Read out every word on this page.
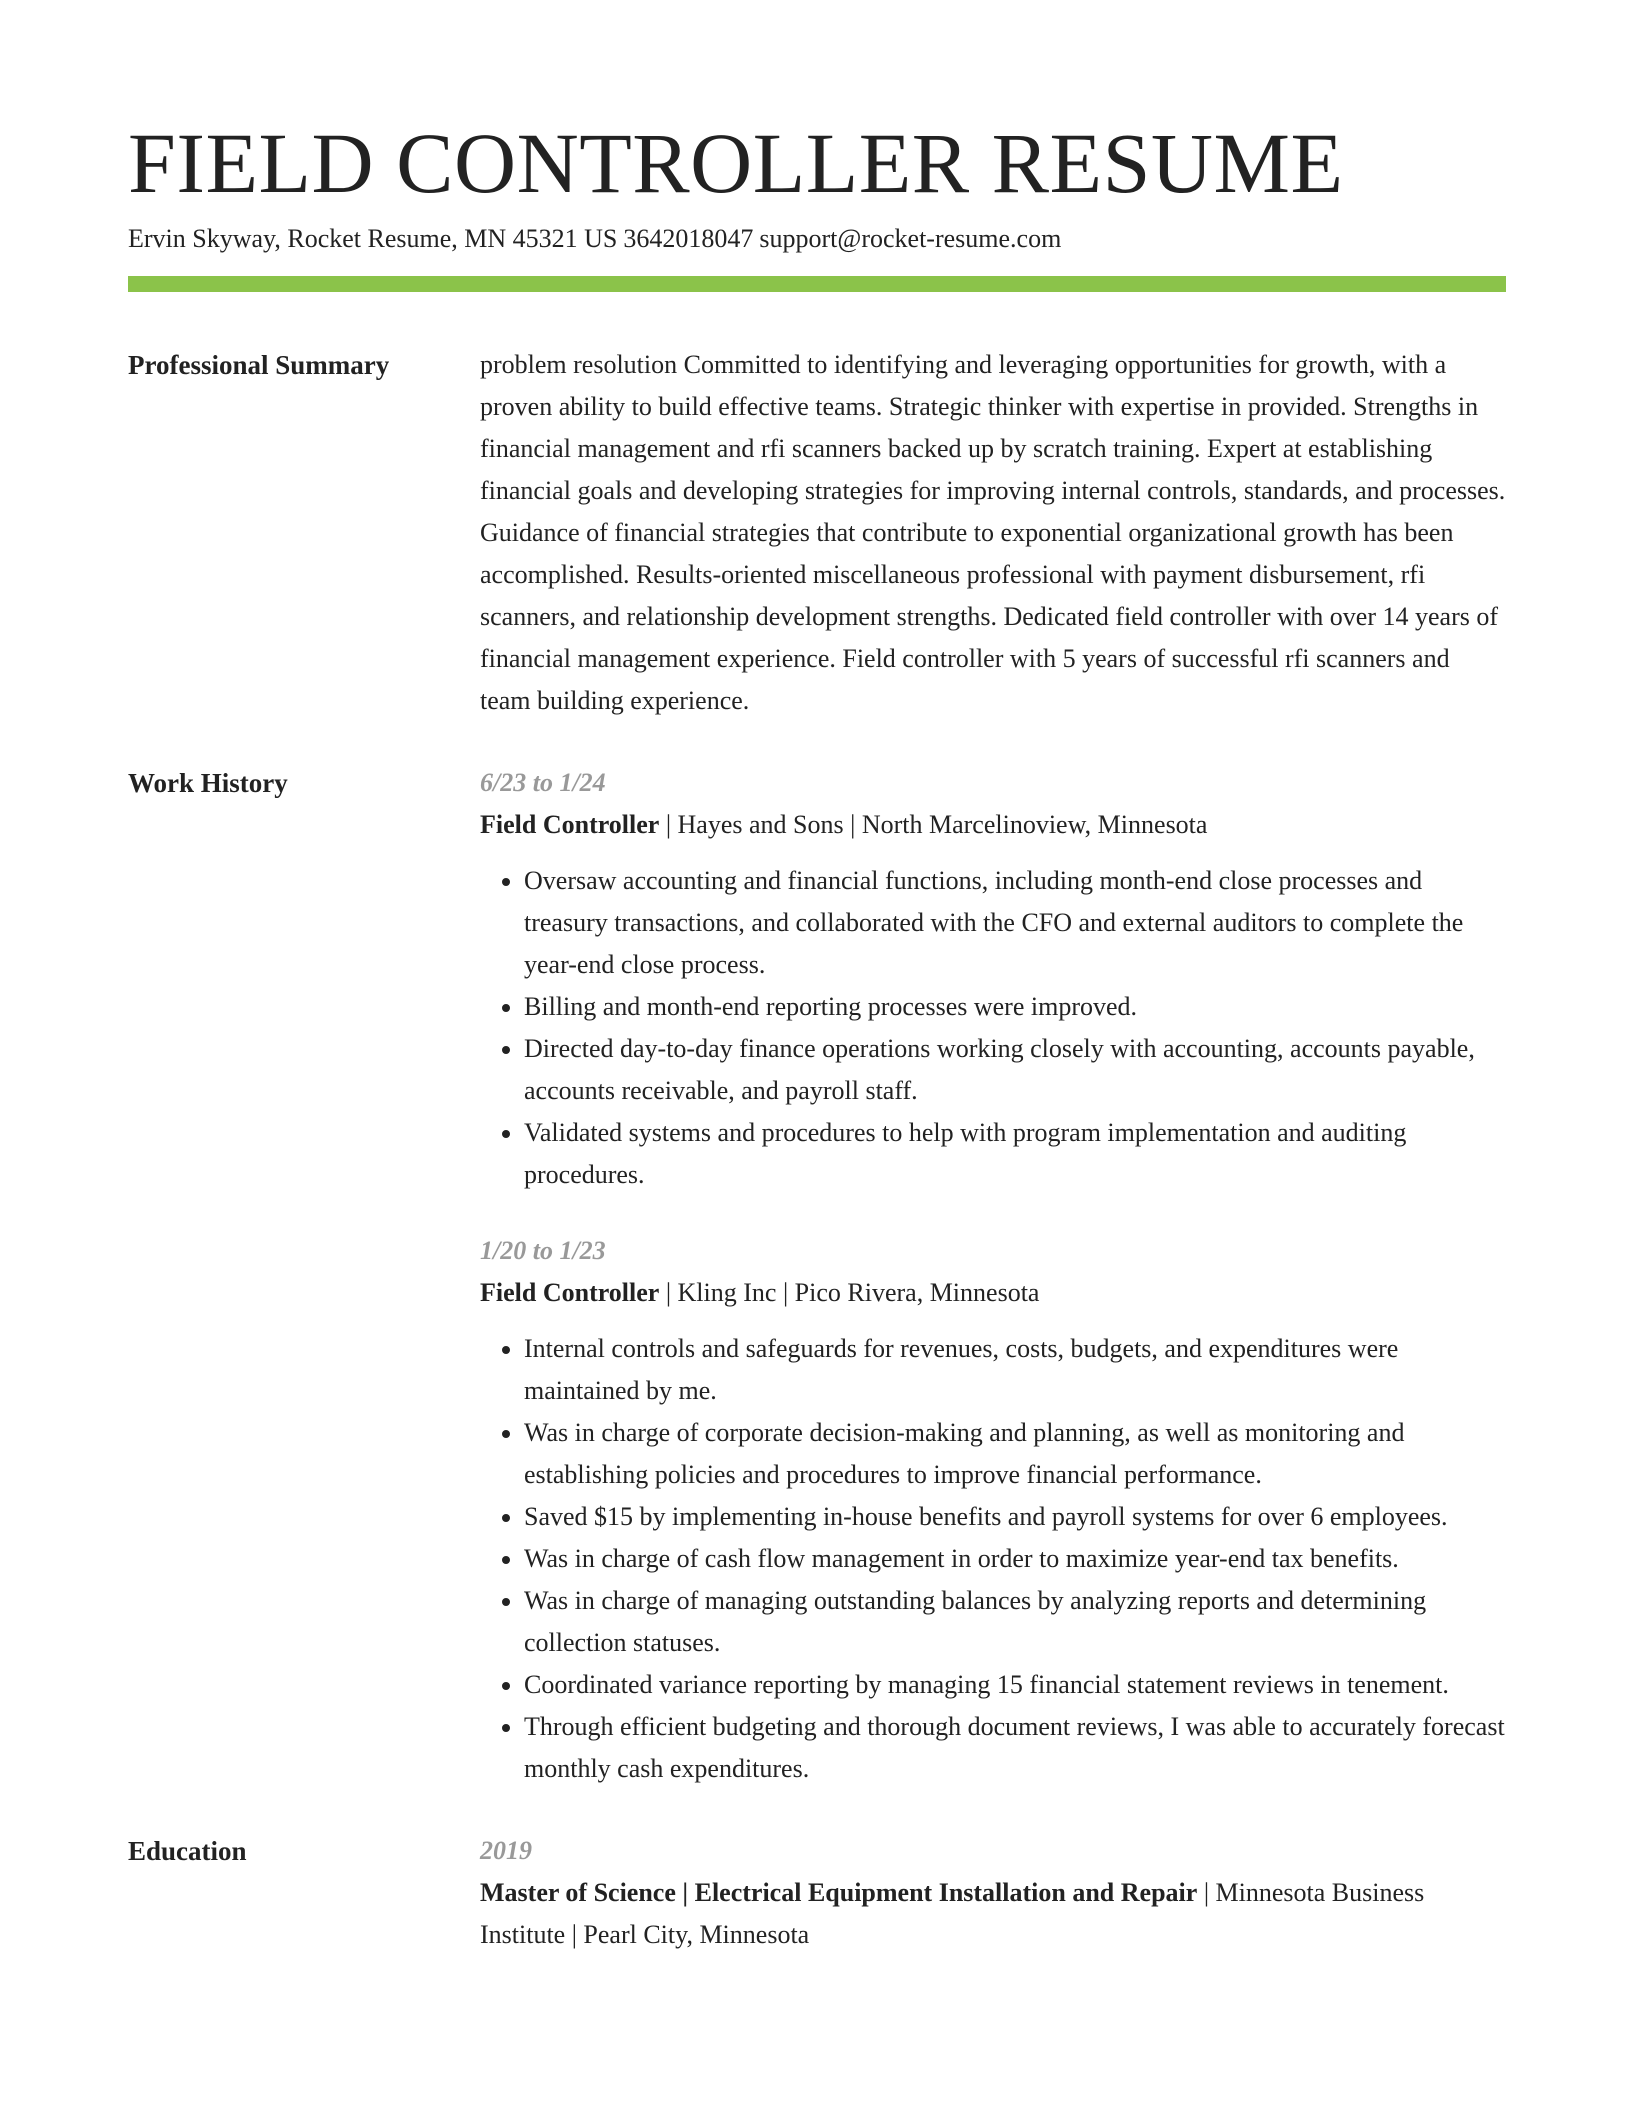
FIELD CONTROLLER RESUME
Ervin Skyway, Rocket Resume, MN 45321 US 3642018047 support@rocket-resume.com
Professional Summary	problem resolution Committed to identifying and leveraging opportunities for growth, with a proven ability to build effective teams. Strategic thinker with expertise in provided. Strengths in financial management and rfi scanners backed up by scratch training. Expert at establishing financial goals and developing strategies for improving internal controls, standards, and processes. Guidance of financial strategies that contribute to exponential organizational growth has been accomplished. Results-oriented miscellaneous professional with payment disbursement, rfi scanners, and relationship development strengths. Dedicated field controller with over 14 years of financial management experience. Field controller with 5 years of successful rfi scanners and team building experience.

Work History	6/23 to 1/24
Field Controller | Hayes and Sons | North Marcelinoview, Minnesota
• Oversaw accounting and financial functions, including month-end close processes and treasury transactions, and collaborated with the CFO and external auditors to complete the year-end close process.
• Billing and month-end reporting processes were improved.
• Directed day-to-day finance operations working closely with accounting, accounts payable, accounts receivable, and payroll staff.
• Validated systems and procedures to help with program implementation and auditing procedures.
1/20 to 1/23
Field Controller | Kling Inc | Pico Rivera, Minnesota
• Internal controls and safeguards for revenues, costs, budgets, and expenditures were maintained by me.
• Was in charge of corporate decision-making and planning, as well as monitoring and establishing policies and procedures to improve financial performance.
• Saved $15 by implementing in-house benefits and payroll systems for over 6 employees.
• Was in charge of cash flow management in order to maximize year-end tax benefits.
• Was in charge of managing outstanding balances by analyzing reports and determining collection statuses.
• Coordinated variance reporting by managing 15 financial statement reviews in tenement.
• Through efficient budgeting and thorough document reviews, I was able to accurately forecast monthly cash expenditures.
Education	2019
Master of Science | Electrical Equipment Installation and Repair | Minnesota Business Institute | Pearl City, Minnesota
